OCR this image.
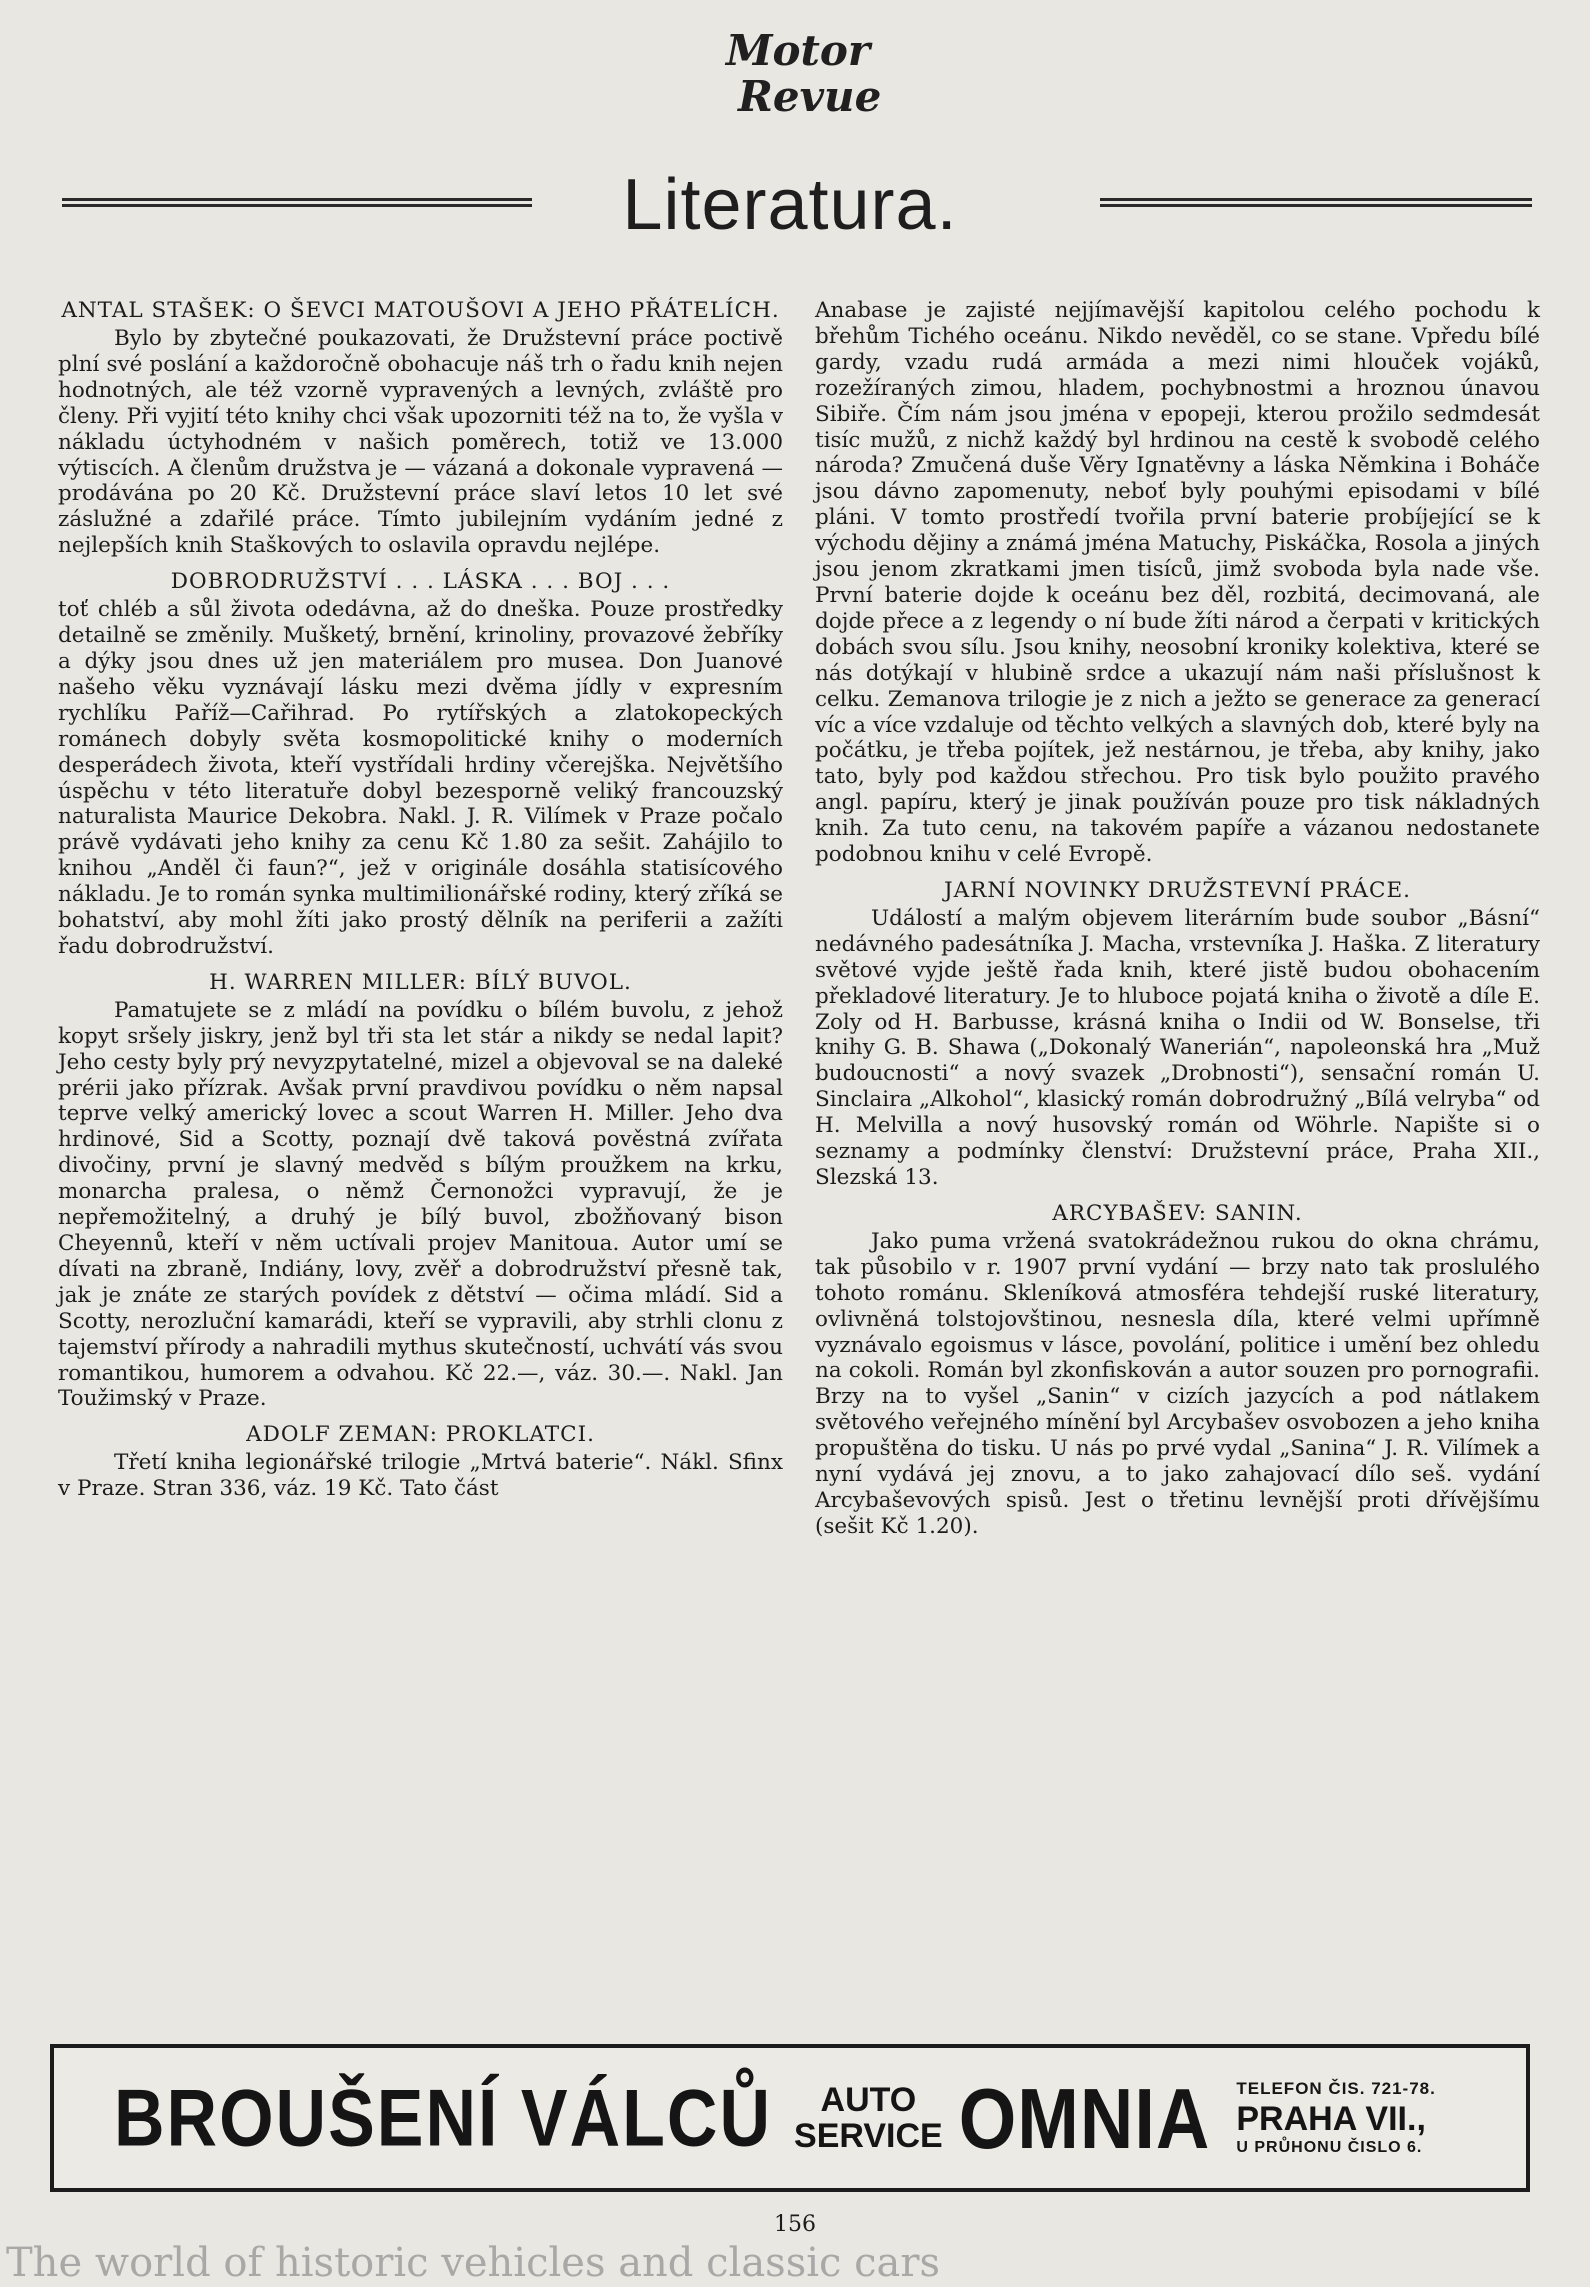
Motor
Revue
Literatura.
ANTAL STAŠEK: O ŠEVCI MATOUŠOVI A JEHO PŘÁTELÍCH.

Bylo by zbytečné poukazovati, že Družstevní práce poctivě plní své poslání a každoročně obohacuje náš trh o řadu knih nejen hodnotných, ale též vzorně vypravených a levných, zvláště pro členy. Při vyjití této knihy chci však upozorniti též na to, že vyšla v nákladu úctyhodném v našich poměrech, totiž ve 13.000 výtiscích. A členům družstva je — vázaná a dokonale vypravená — prodávána po 20 Kč. Družstevní práce slaví letos 10 let své záslužné a zdařilé práce. Tímto jubilejním vydáním jedné z nejlepších knih Staškových to oslavila opravdu nejlépe.

DOBRODRUŽSTVÍ . . . LÁSKA . . . BOJ . . .

toť chléb a sůl života odedávna, až do dneška. Pouze prostředky detailně se změnily. Mušketý, brnění, krinoliny, provazové žebříky a dýky jsou dnes už jen materiálem pro musea. Don Juanové našeho věku vyznávají lásku mezi dvěma jídly v expresním rychlíku Paříž—Cařihrad. Po rytířských a zlatokopeckých románech dobyly světa kosmopolitické knihy o moderních desperádech života, kteří vystřídali hrdiny včerejška. Největšího úspěchu v této literatuře dobyl bezesporně veliký francouzský naturalista Maurice Dekobra. Nakl. J. R. Vilímek v Praze počalo právě vydávati jeho knihy za cenu Kč 1.80 za sešit. Zahájilo to knihou „Anděl či faun?“, jež v originále dosáhla statisícového nákladu. Je to román synka multimilionářské rodiny, který zříká se bohatství, aby mohl žíti jako prostý dělník na periferii a zažíti řadu dobrodružství.

H. WARREN MILLER: BÍLÝ BUVOL.

Pamatujete se z mládí na povídku o bílém buvolu, z jehož kopyt sršely jiskry, jenž byl tři sta let stár a nikdy se nedal lapit? Jeho cesty byly prý nevyzpytatelné, mizel a objevoval se na daleké prérii jako přízrak. Avšak první pravdivou povídku o něm napsal teprve velký americký lovec a scout Warren H. Miller. Jeho dva hrdinové, Sid a Scotty, poznají dvě taková pověstná zvířata divočiny, první je slavný medvěd s bílým proužkem na krku, monarcha pralesa, o němž Černonožci vypravují, že je nepřemožitelný, a druhý je bílý buvol, zbožňovaný bison Cheyennů, kteří v něm uctívali projev Manitoua. Autor umí se dívati na zbraně, Indiány, lovy, zvěř a dobrodružství přesně tak, jak je znáte ze starých povídek z dětství — očima mládí. Sid a Scotty, nerozluční kamarádi, kteří se vypravili, aby strhli clonu z tajemství přírody a nahradili mythus skutečností, uchvátí vás svou romantikou, humorem a odvahou. Kč 22.—, váz. 30.—. Nakl. Jan Toužimský v Praze.

ADOLF ZEMAN: PROKLATCI.

Třetí kniha legionářské trilogie „Mrtvá baterie“. Nákl. Sfinx v Praze. Stran 336, váz. 19 Kč. Tato část

Anabase je zajisté nejjímavější kapitolou celého pochodu k břehům Tichého oceánu. Nikdo nevěděl, co se stane. Vpředu bílé gardy, vzadu rudá armáda a mezi nimi hlouček vojáků, rozežíraných zimou, hladem, pochybnostmi a hroznou únavou Sibiře. Čím nám jsou jména v epopeji, kterou prožilo sedmdesát tisíc mužů, z nichž každý byl hrdinou na cestě k svobodě celého národa? Zmučená duše Věry Ignatěvny a láska Němkina i Boháče jsou dávno zapomenuty, neboť byly pouhými episodami v bílé pláni. V tomto prostředí tvořila první baterie probíjející se k východu dějiny a známá jména Matuchy, Piskáčka, Rosola a jiných jsou jenom zkratkami jmen tisíců, jimž svoboda byla nade vše. První baterie dojde k oceánu bez děl, rozbitá, decimovaná, ale dojde přece a z legendy o ní bude žíti národ a čerpati v kritických dobách svou sílu. Jsou knihy, neosobní kroniky kolektiva, které se nás dotýkají v hlubině srdce a ukazují nám naši příslušnost k celku. Zemanova trilogie je z nich a ježto se generace za generací víc a více vzdaluje od těchto velkých a slavných dob, které byly na počátku, je třeba pojítek, jež nestárnou, je třeba, aby knihy, jako tato, byly pod každou střechou. Pro tisk bylo použito pravého angl. papíru, který je jinak používán pouze pro tisk nákladných knih. Za tuto cenu, na takovém papíře a vázanou nedostanete podobnou knihu v celé Evropě.

JARNÍ NOVINKY DRUŽSTEVNÍ PRÁCE.

Událostí a malým objevem literárním bude soubor „Básní“ nedávného padesátníka J. Macha, vrstevníka J. Haška. Z literatury světové vyjde ještě řada knih, které jistě budou obohacením překladové literatury. Je to hluboce pojatá kniha o životě a díle E. Zoly od H. Barbusse, krásná kniha o Indii od W. Bonselse, tři knihy G. B. Shawa („Dokonalý Wanerián“, napoleonská hra „Muž budoucnosti“ a nový svazek „Drobnosti“), sensační román U. Sinclaira „Alkohol“, klasický román dobrodružný „Bílá velryba“ od H. Melvilla a nový husovský román od Wöhrle. Napište si o seznamy a podmínky členství: Družstevní práce, Praha XII., Slezská 13.

ARCYBAŠEV: SANIN.

Jako puma vržená svatokrádežnou rukou do okna chrámu, tak působilo v r. 1907 první vydání — brzy nato tak proslulého tohoto románu. Skleníková atmosféra tehdejší ruské literatury, ovlivněná tolstojovštinou, nesnesla díla, které velmi upřímně vyznávalo egoismus v lásce, povolání, politice i umění bez ohledu na cokoli. Román byl zkonfiskován a autor souzen pro pornografii. Brzy na to vyšel „Sanin“ v cizích jazycích a pod nátlakem světového veřejného mínění byl Arcybašev osvobozen a jeho kniha propuštěna do tisku. U nás po prvé vydal „Sanina“ J. R. Vilímek a nyní vydává jej znovu, a to jako zahajovací dílo seš. vydání Arcybaševových spisů. Jest o třetinu levnější proti dřívějšímu (sešit Kč 1.20).

BROUŠENÍ VÁLCŮ	AUTO
SERVICE OMNIA TELEFON ČIS. 721-78.
PRAHA VII.,
U PRŮHONU ČISLO 6.
156
The world of historic vehicles and classic cars
